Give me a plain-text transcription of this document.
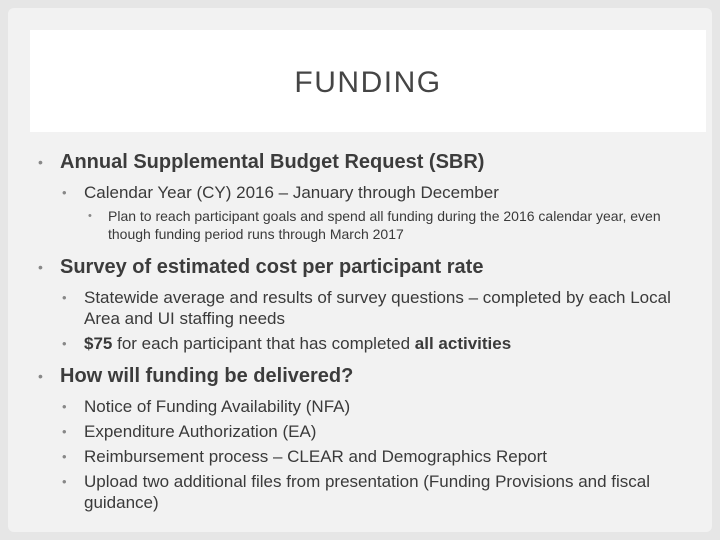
FUNDING
• Annual Supplemental Budget Request (SBR)
•	Calendar Year (CY) 2016 – January through December
•	Plan to reach participant goals and spend all funding during the 2016 calendar year, even though funding period runs through March 2017
• Survey of estimated cost per participant rate
•	Statewide average and results of survey questions – completed by each Local Area and UI staffing needs
•	$75 for each participant that has completed all activities
• How will funding be delivered?
•	Notice of Funding Availability (NFA)
•	Expenditure Authorization (EA)
•	Reimbursement process – CLEAR and Demographics Report
•	Upload two additional files from presentation (Funding Provisions and fiscal guidance)
